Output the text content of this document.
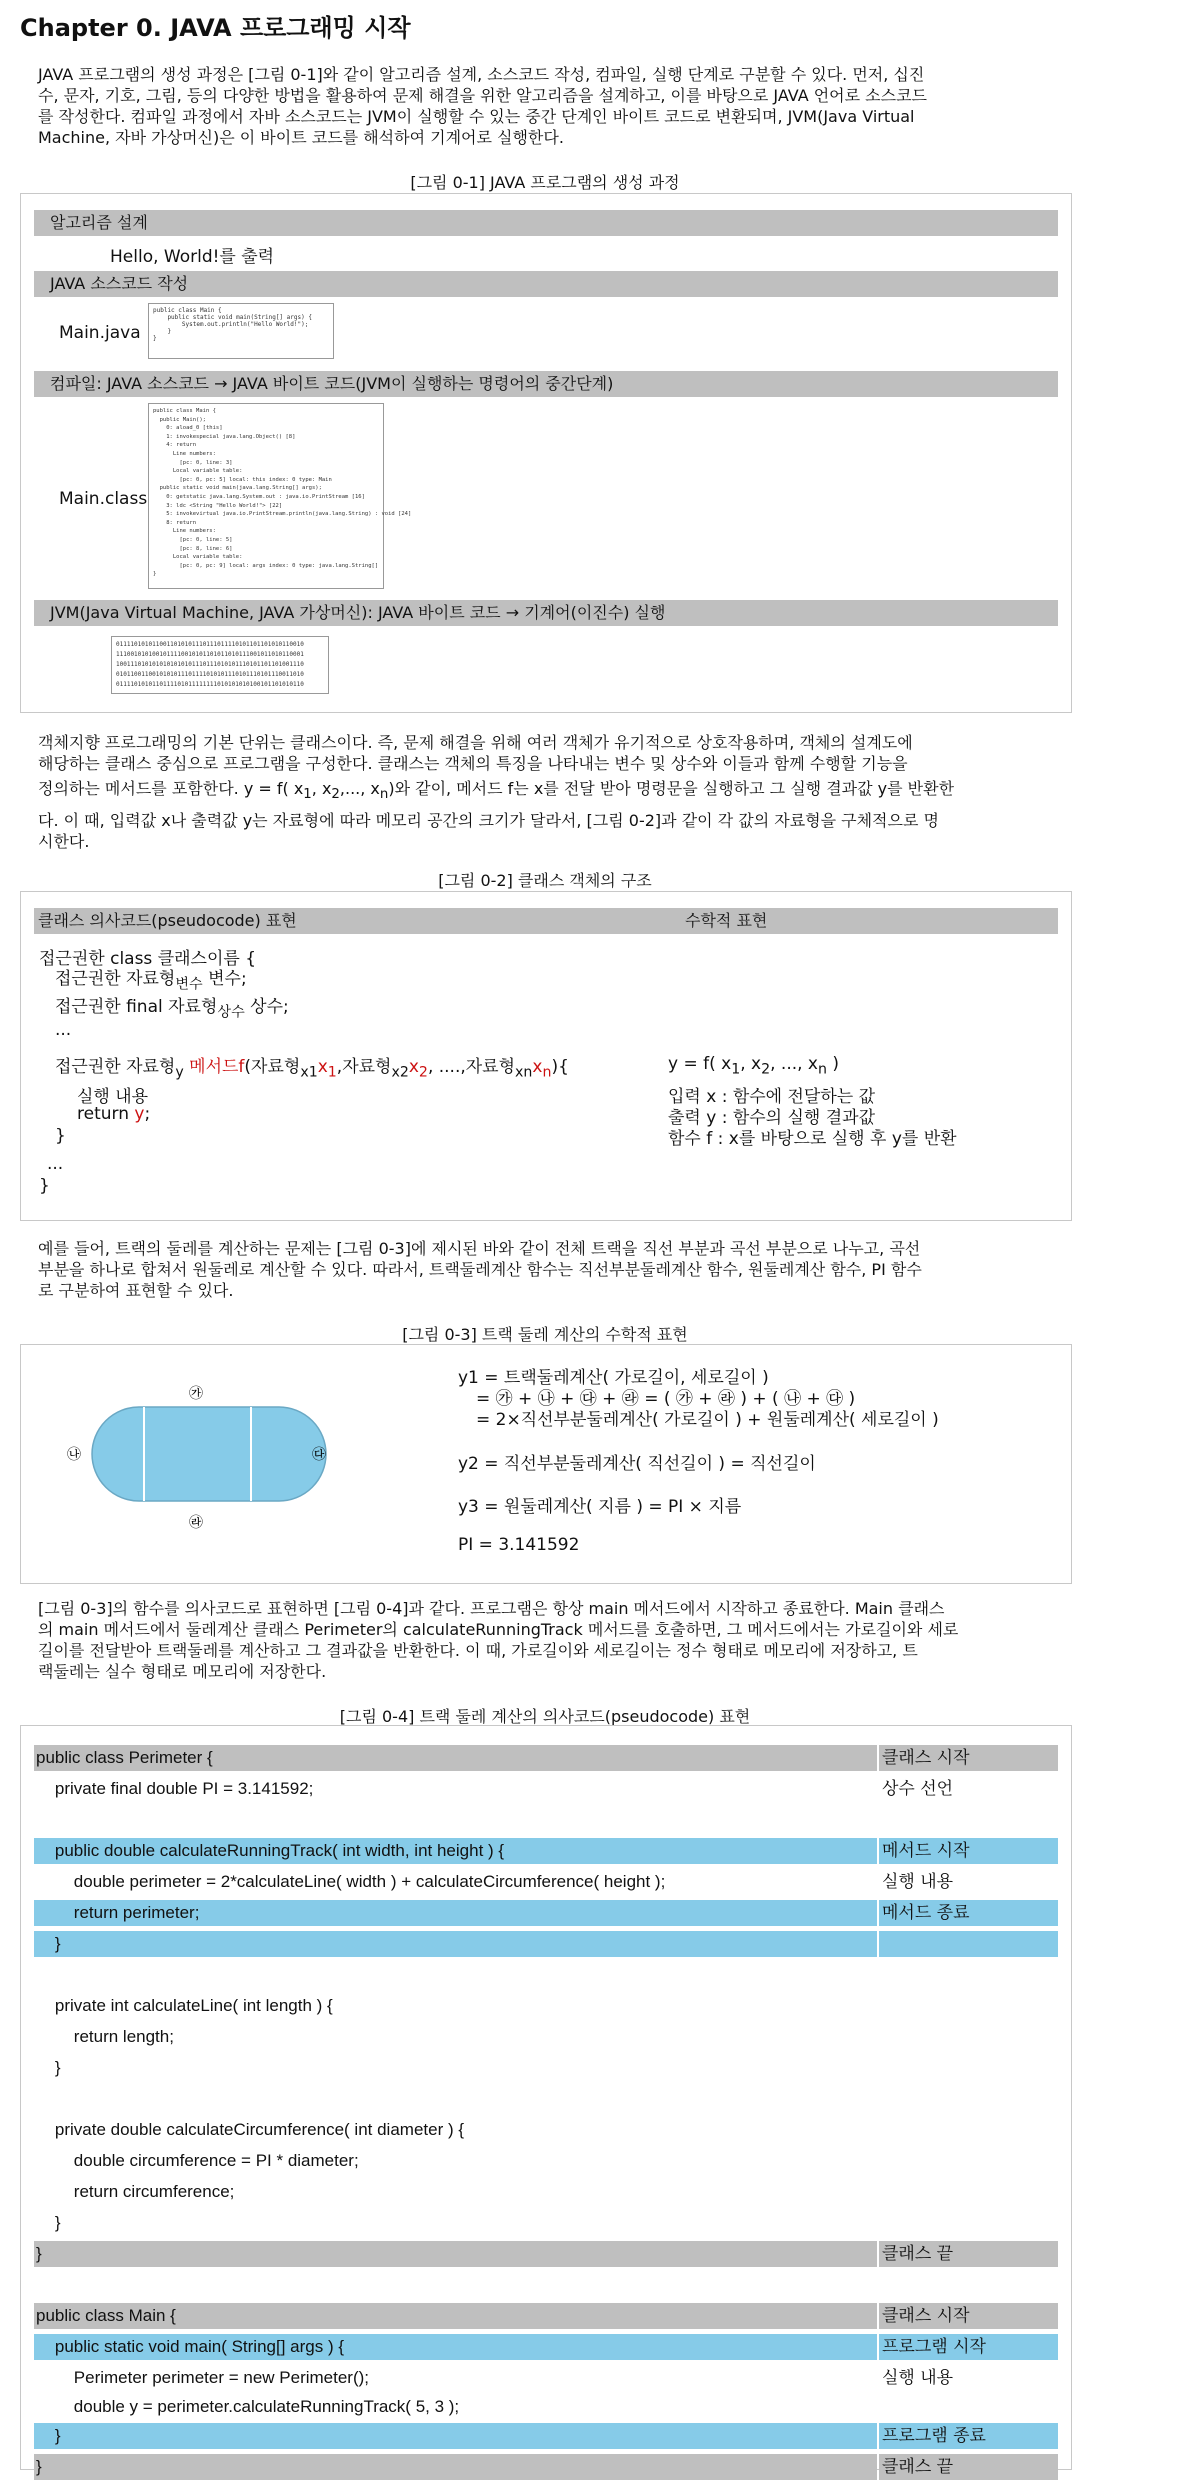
Chapter 0. JAVA 프로그래밍 시작
JAVA 프로그램의 생성 과정은 [그림 0-1]와 같이 알고리즘 설계, 소스코드 작성, 컴파일, 실행 단계로 구분할 수 있다. 먼저, 십진
수, 문자, 기호, 그림, 등의 다양한 방법을 활용하여 문제 해결을 위한 알고리즘을 설계하고, 이를 바탕으로 JAVA 언어로 소스코드
를 작성한다. 컴파일 과정에서 자바 소스코드는 JVM이 실행할 수 있는 중간 단계인 바이트 코드로 변환되며, JVM(Java Virtual
Machine, 자바 가상머신)은 이 바이트 코드를 해석하여 기계어로 실행한다.
[그림 0-1] JAVA 프로그램의 생성 과정
알고리즘 설계
Hello, World!를 출력
JAVA 소스코드 작성
Main.java
public class Main {
public static void main(String[] args) {
System.out.println("Hello World!");
}
}
컴파일: JAVA 소스코드 → JAVA 바이트 코드(JVM이 실행하는 명령어의 중간단계)
Main.class
public class Main {
public Main();
0: aload_0 [this]
1: invokespecial java.lang.Object() [8]
4: return
Line numbers:
[pc: 0, line: 3]
Local variable table:
[pc: 0, pc: 5] local: this index: 0 type: Main
public static void main(java.lang.String[] args);
0: getstatic java.lang.System.out : java.io.PrintStream [16]
3: ldc <String "Hello World!"> [22]
5: invokevirtual java.io.PrintStream.println(java.lang.String) : void [24]
8: return
Line numbers:
[pc: 0, line: 5]
[pc: 8, line: 6]
Local variable table:
[pc: 0, pc: 9] local: args index: 0 type: java.lang.String[]
}
JVM(Java Virtual Machine, JAVA 가상머신): JAVA 바이트 코드 → 기계어(이진수) 실행
0111101010110011010101110111011110101101101010110010
1110010101001011110010101101011010111001011010110001
1001110101010101010101110111010101110101101101001110
0101100110010101011101111010101110101110101110011010
0111101010110111101011111111010101010100101101010110
객체지향 프로그래밍의 기본 단위는 클래스이다. 즉, 문제 해결을 위해 여러 객체가 유기적으로 상호작용하며, 객체의 설계도에
해당하는 클래스 중심으로 프로그램을 구성한다. 클래스는 객체의 특징을 나타내는 변수 및 상수와 이들과 함께 수행할 기능을
정의하는 메서드를 포함한다. y = f( $x_1$, $x_2$,..., $x_n$)와 같이, 메서드 f는 x를 전달 받아 명령문을 실행하고 그 실행 결과값 y를 반환한
다. 이 때, 입력값 x나 출력값 y는 자료형에 따라 메모리 공간의 크기가 달라서, [그림 0-2]과 같이 각 값의 자료형을 구체적으로 명
시한다.
[그림 0-2] 클래스 객체의 구조
클래스 의사코드(pseudocode) 표현	수학적 표현
접근권한 class 클래스이름 {
접근권한 자료형$_{변수}$ 변수;
접근권한 final 자료형$_{상수}$ 상수;
...
접근권한 자료형$_y$ 메서드f(자료형$_{x1}x_1$,자료형$_{x2}x_2$, ....,자료형$_{xn}x_n$){
실행 내용
return y;
}
...
}
y = f( $x_1$, $x_2$, ..., $x_n$ )
입력 x : 함수에 전달하는 값
출력 y : 함수의 실행 결과값
함수 f : x를 바탕으로 실행 후 y를 반환
예를 들어, 트랙의 둘레를 계산하는 문제는 [그림 0-3]에 제시된 바와 같이 전체 트랙을 직선 부분과 곡선 부분으로 나누고, 곡선
부분을 하나로 합쳐서 원둘레로 계산할 수 있다. 따라서, 트랙둘레계산 함수는 직선부분둘레계산 함수, 원둘레계산 함수, PI 함수
로 구분하여 표현할 수 있다.
[그림 0-3] 트랙 둘레 계산의 수학적 표현
㉮
㉯	㉰
㉱
y1 = 트랙둘레계산( 가로길이, 세로길이 )
= ㉮ + ㉯ + ㉰ + ㉱ = ( ㉮ + ㉱ ) + ( ㉯ + ㉰ )
= 2×직선부분둘레계산( 가로길이 ) + 원둘레계산( 세로길이 )
y2 = 직선부분둘레계산( 직선길이 ) = 직선길이
y3 = 원둘레계산( 지름 ) = PI × 지름
PI = 3.141592
[그림 0-3]의 함수를 의사코드로 표현하면 [그림 0-4]과 같다. 프로그램은 항상 main 메서드에서 시작하고 종료한다. Main 클래스
의 main 메서드에서 둘레계산 클래스 Perimeter의 calculateRunningTrack 메서드를 호출하면, 그 메서드에서는 가로길이와 세로
길이를 전달받아 트랙둘레를 계산하고 그 결과값을 반환한다. 이 때, 가로길이와 세로길이는 정수 형태로 메모리에 저장하고, 트
랙둘레는 실수 형태로 메모리에 저장한다.
[그림 0-4] 트랙 둘레 계산의 의사코드(pseudocode) 표현
public class Perimeter {	클래스 시작
private final double PI = 3.141592;	상수 선언
public double calculateRunningTrack( int width, int height ) {	메서드 시작
double perimeter = 2*calculateLine( width ) + calculateCircumference( height );	실행 내용
return perimeter;	메서드 종료
}
private int calculateLine( int length ) {
return length;
}
private double calculateCircumference( int diameter ) {
double circumference = PI * diameter;
return circumference;
}
}	클래스 끝
public class Main {	클래스 시작
public static void main( String[] args ) {	프로그램 시작
Perimeter perimeter = new Perimeter();	실행 내용
double y = perimeter.calculateRunningTrack( 5, 3 );
}	프로그램 종료
}	클래스 끝
